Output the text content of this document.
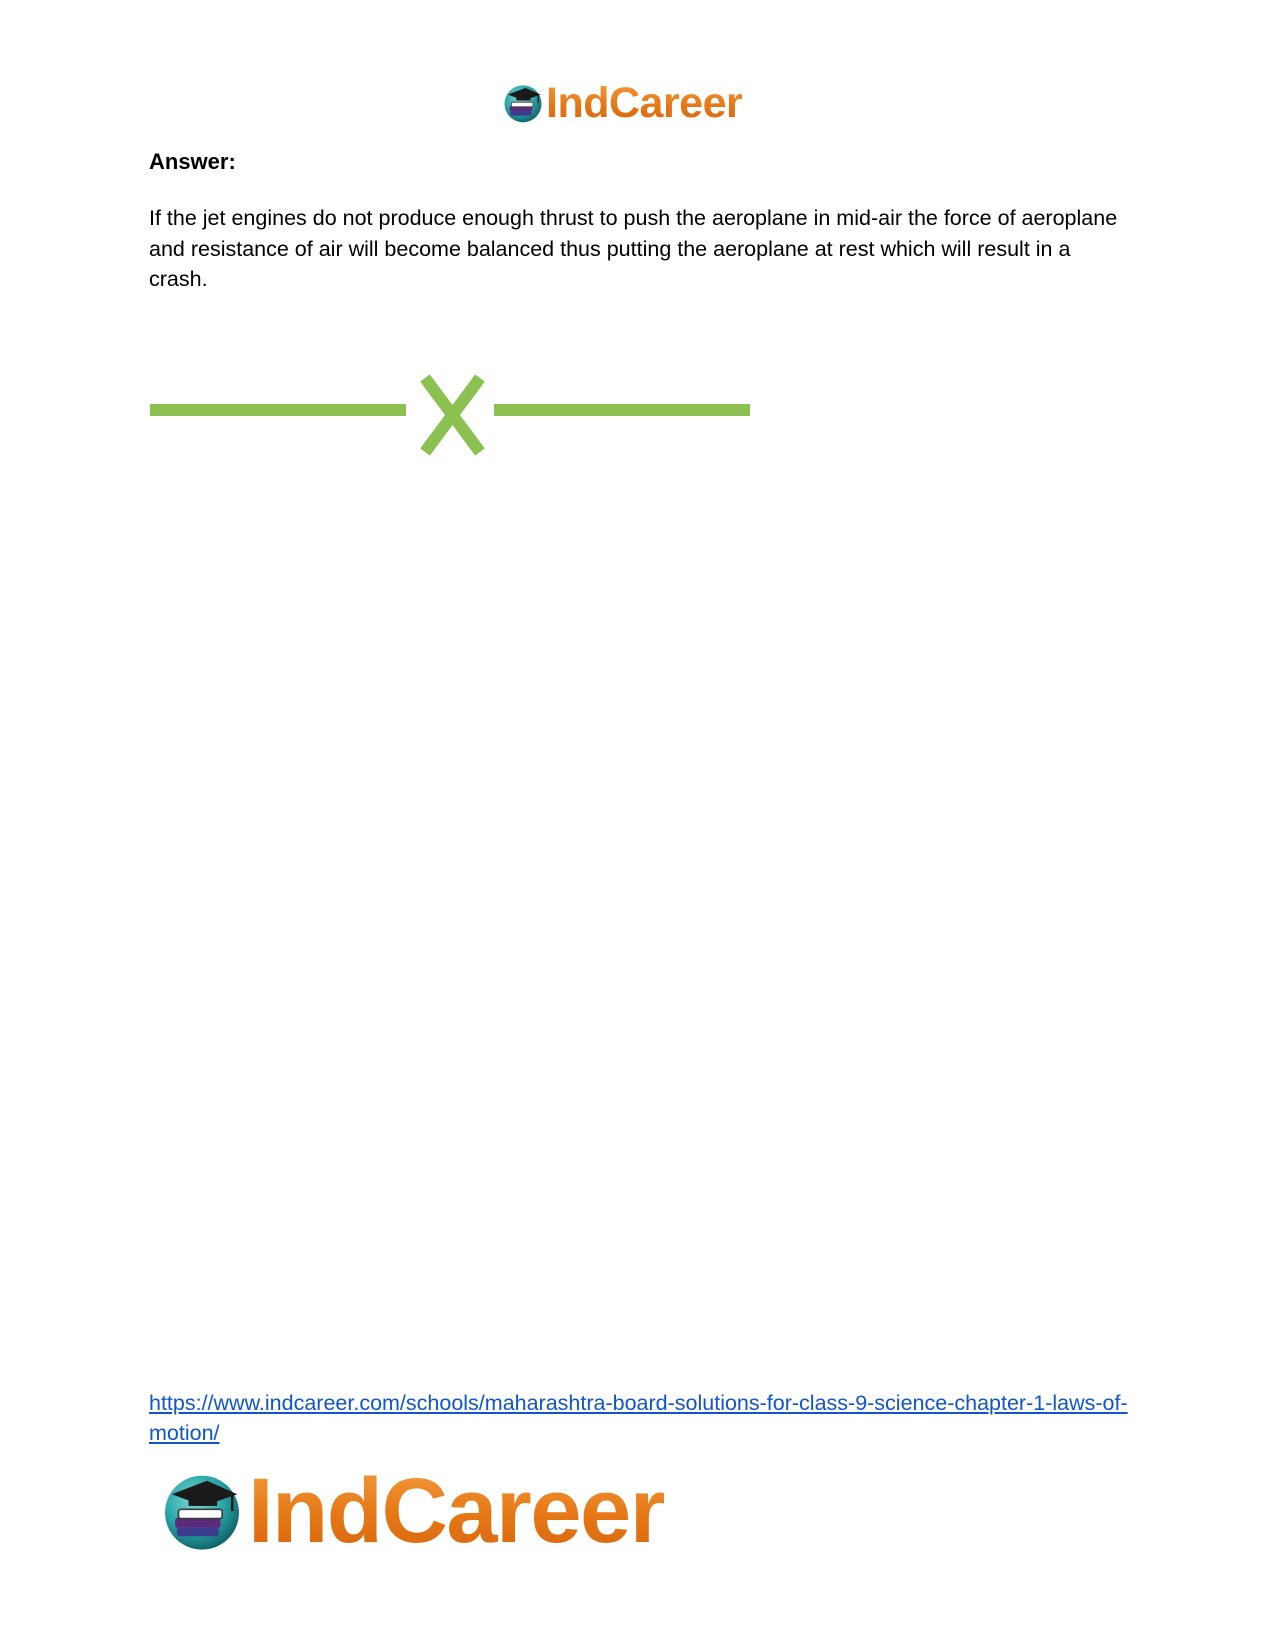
IndCareer

Answer:

If the jet engines do not produce enough thrust to push the aeroplane in mid-air the force of aeroplane and resistance of air will become balanced thus putting the aeroplane at rest which will result in a crash.

https://www.indcareer.com/schools/maharashtra-board-solutions-for-class-9-science-chapter-1-laws-of-motion/
IndCareer
